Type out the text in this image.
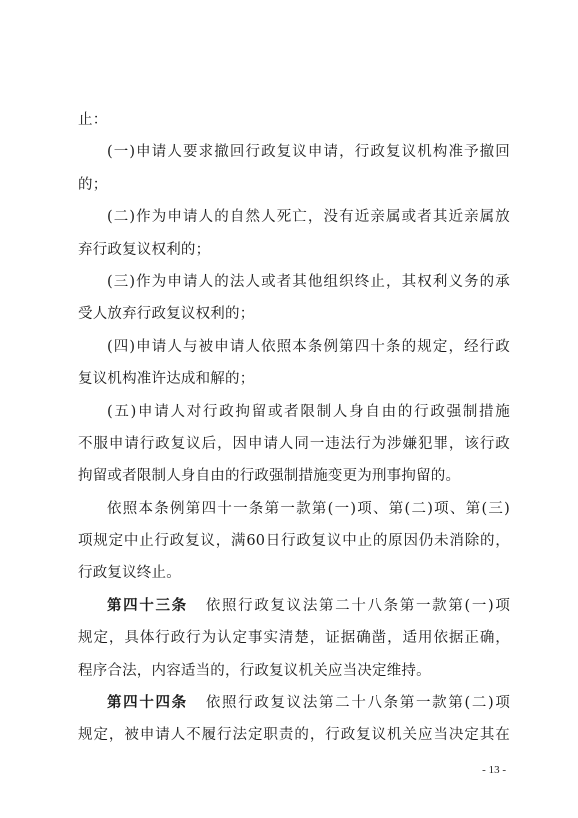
止：
(一)申请人要求撤回行政复议申请，行政复议机构准予撤回
的；
(二)作为申请人的自然人死亡，没有近亲属或者其近亲属放
弃行政复议权利的；
(三)作为申请人的法人或者其他组织终止，其权利义务的承
受人放弃行政复议权利的；
(四)申请人与被申请人依照本条例第四十条的规定，经行政
复议机构准许达成和解的；
(五)申请人对行政拘留或者限制人身自由的行政强制措施
不服申请行政复议后，因申请人同一违法行为涉嫌犯罪，该行政
拘留或者限制人身自由的行政强制措施变更为刑事拘留的。
依照本条例第四十一条第一款第(一)项、第(二)项、第(三)
项规定中止行政复议，满60日行政复议中止的原因仍未消除的，
行政复议终止。
第四十三条 依照行政复议法第二十八条第一款第(一)项
规定，具体行政行为认定事实清楚，证据确凿，适用依据正确，
程序合法，内容适当的，行政复议机关应当决定维持。
第四十四条 依照行政复议法第二十八条第一款第(二)项
规定，被申请人不履行法定职责的，行政复议机关应当决定其在
- 13 -
